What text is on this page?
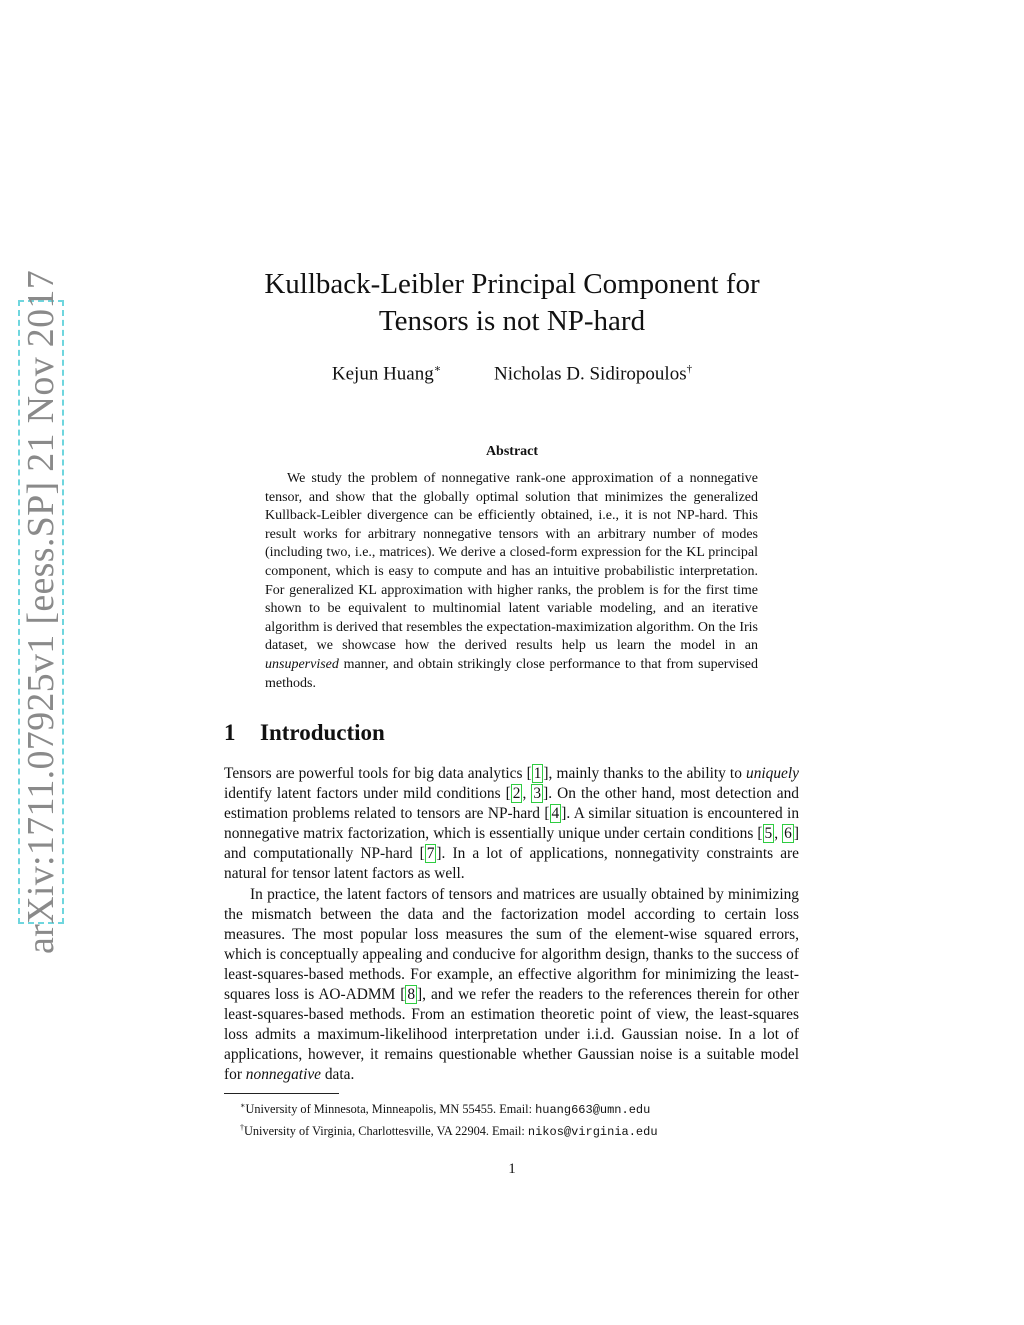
arXiv:1711.07925v1 [eess.SP] 21 Nov 2017	Kullback-Leibler Principal Component for
Tensors is not NP-hard
Kejun Huang∗	Nicholas D. Sidiropoulos†
Abstract

We study the problem of nonnegative rank-one approximation of a nonnegative tensor, and show that the globally optimal solution that minimizes the generalized Kullback-Leibler divergence can be efficiently obtained, i.e., it is not NP-hard. This result works for arbitrary nonnegative tensors with an arbitrary number of modes (including two, i.e., matrices). We derive a closed-form expression for the KL principal component, which is easy to compute and has an intuitive probabilistic interpretation. For generalized KL approximation with higher ranks, the problem is for the first time shown to be equivalent to multinomial latent variable modeling, and an iterative algorithm is derived that resembles the expectation-maximization algorithm. On the Iris dataset, we showcase how the derived results help us learn the model in an unsupervised manner, and obtain strikingly close performance to that from supervised methods.

1 Introduction

Tensors are powerful tools for big data analytics [ 1 ], mainly thanks to the ability to uniquely identify latent factors under mild conditions [ 2 , 3 ]. On the other hand, most detection and estimation problems related to tensors are NP-hard [ 4 ]. A similar situation is encountered in nonnegative matrix factorization, which is essentially unique under certain conditions [ 5 , 6 ] and computationally NP-hard [ 7 ]. In a lot of applications, nonnegativity constraints are natural for tensor latent factors as well.

In practice, the latent factors of tensors and matrices are usually obtained by minimizing the mismatch between the data and the factorization model according to certain loss measures. The most popular loss measures the sum of the element-wise squared errors, which is conceptually appealing and conducive for algorithm design, thanks to the success of least-squares-based methods. For example, an effective algorithm for minimizing the least-squares loss is AO-ADMM [ 8 ], and we refer the readers to the references therein for other least-squares-based methods. From an estimation theoretic point of view, the least-squares loss admits a maximum-likelihood interpretation under i.i.d. Gaussian noise. In a lot of applications, however, it remains questionable whether Gaussian noise is a suitable model for nonnegative data.

∗University of Minnesota, Minneapolis, MN 55455. Email: huang663@umn.edu
†University of Virginia, Charlottesville, VA 22904. Email: nikos@virginia.edu
1
